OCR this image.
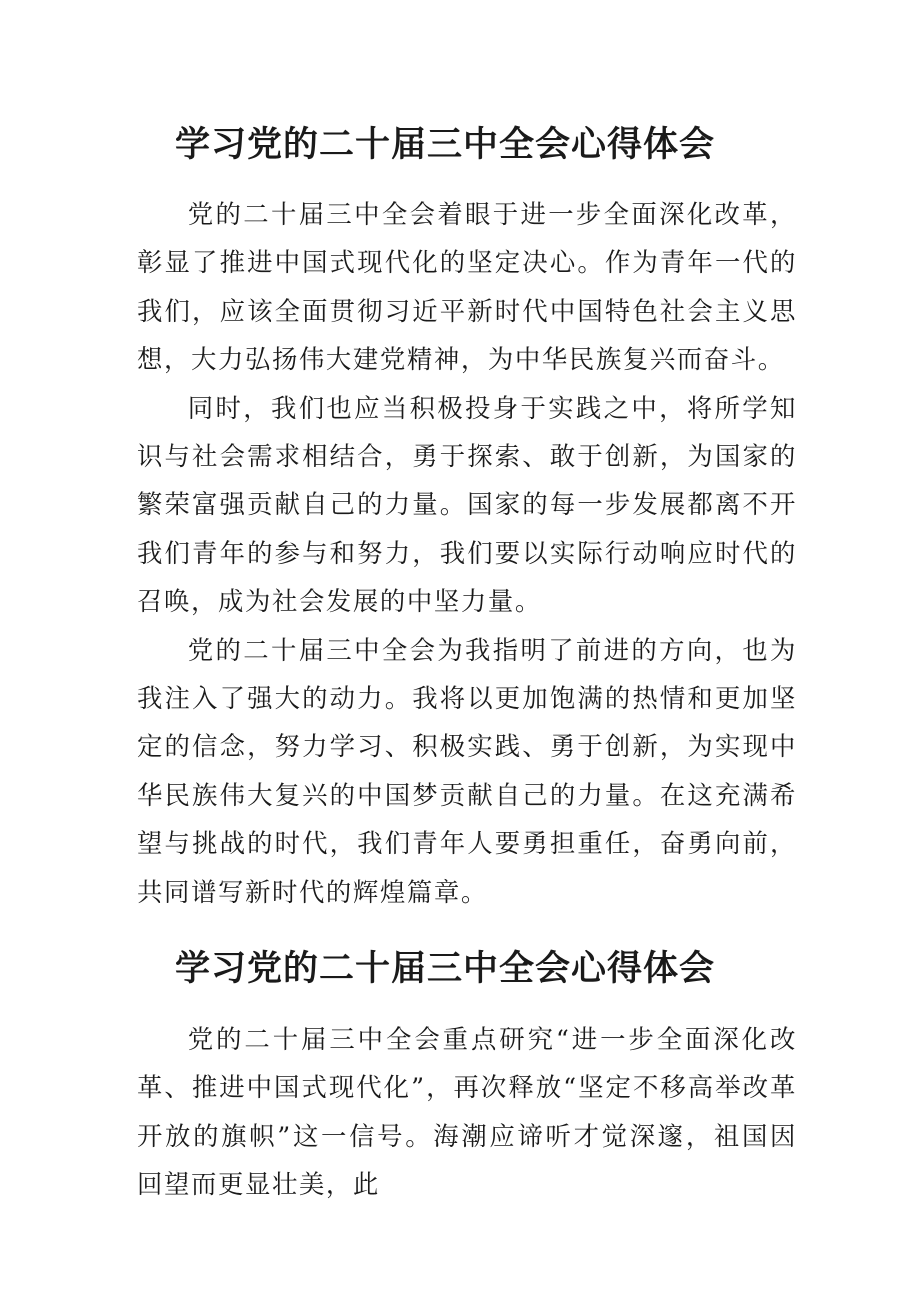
学习党的二十届三中全会心得体会

党的二十届三中全会着眼于进一步全面深化改革，彰显了推进中国式现代化的坚定决心。作为青年一代的我们，应该全面贯彻习近平新时代中国特色社会主义思想，大力弘扬伟大建党精神，为中华民族复兴而奋斗。

同时，我们也应当积极投身于实践之中，将所学知识与社会需求相结合，勇于探索、敢于创新，为国家的繁荣富强贡献自己的力量。国家的每一步发展都离不开我们青年的参与和努力，我们要以实际行动响应时代的召唤，成为社会发展的中坚力量。

党的二十届三中全会为我指明了前进的方向，也为我注入了强大的动力。我将以更加饱满的热情和更加坚定的信念，努力学习、积极实践、勇于创新，为实现中华民族伟大复兴的中国梦贡献自己的力量。在这充满希望与挑战的时代，我们青年人要勇担重任，奋勇向前，共同谱写新时代的辉煌篇章。

学习党的二十届三中全会心得体会

党的二十届三中全会重点研究“进一步全面深化改革、推进中国式现代化”，再次释放“坚定不移高举改革开放的旗帜”这一信号。海潮应谛听才觉深邃，祖国因回望而更显壮美，此
